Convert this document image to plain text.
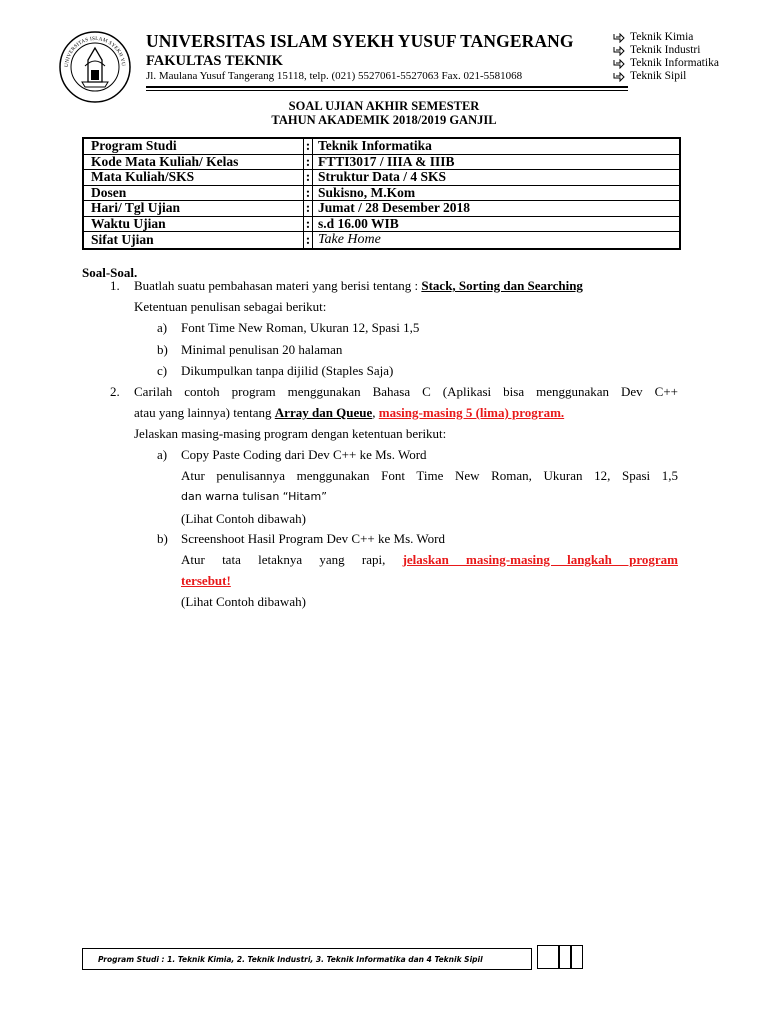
UNIVERSITAS ISLAM SYEKH YU
UNIVERSITAS ISLAM SYEKH YUSUF TANGERANG
FAKULTAS TEKNIK
Jl. Maulana Yusuf Tangerang 15118, telp. (021) 5527061-5527063 Fax. 021-5581068
Teknik Kimia
Teknik Industri
Teknik Informatika
Teknik Sipil
SOAL UJIAN AKHIR SEMESTER
TAHUN AKADEMIK 2018/2019 GANJIL
Program Studi	:	Teknik Informatika
Kode Mata Kuliah/ Kelas	:	FTTI3017 / IIIA & IIIB
Mata Kuliah/SKS	:	Struktur Data / 4 SKS
Dosen	:	Sukisno, M.Kom
Hari/ Tgl Ujian	:	Jumat / 28 Desember 2018
Waktu Ujian	:	s.d 16.00 WIB
Sifat Ujian	:	Take Home
Soal-Soal.
1. Buatlah suatu pembahasan materi yang berisi tentang : Stack, Sorting dan Searching
Ketentuan penulisan sebagai berikut:
a) Font Time New Roman, Ukuran 12, Spasi 1,5
b) Minimal penulisan 20 halaman
c) Dikumpulkan tanpa dijilid (Staples Saja)
2. Carilah contoh program menggunakan Bahasa C (Aplikasi bisa menggunakan Dev C++
atau yang lainnya) tentang Array dan Queue, masing-masing 5 (lima) program.
Jelaskan masing-masing program dengan ketentuan berikut:
a) Copy Paste Coding dari Dev C++ ke Ms. Word
Atur penulisannya menggunakan Font Time New Roman, Ukuran 12, Spasi 1,5
dan warna tulisan “Hitam”
(Lihat Contoh dibawah)
b) Screenshoot Hasil Program Dev C++ ke Ms. Word
Atur tata letaknya yang rapi, jelaskan masing-masing langkah program
tersebut!
(Lihat Contoh dibawah)
Program Studi : 1. Teknik Kimia, 2. Teknik Industri, 3. Teknik Informatika dan 4 Teknik Sipil
